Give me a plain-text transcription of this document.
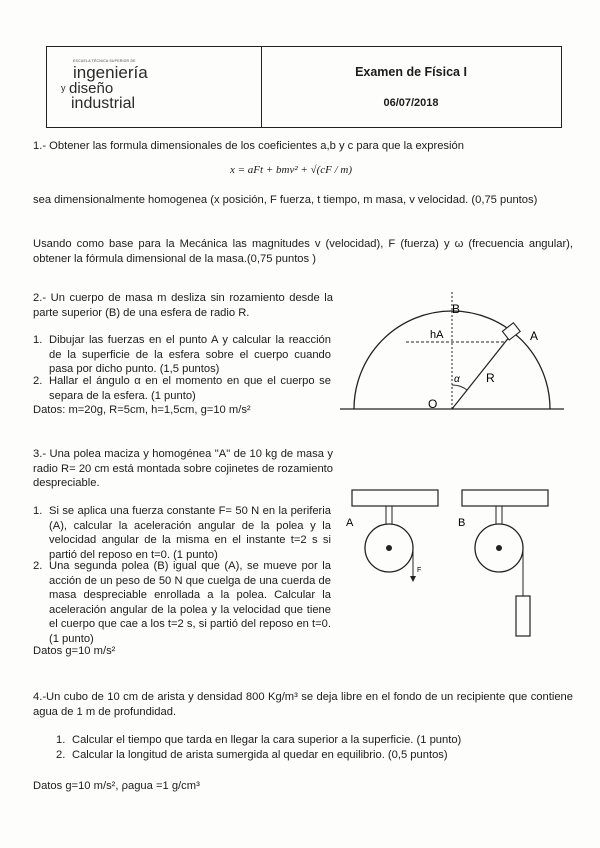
ESCUELA TÉCNICA SUPERIOR DE
ingeniería
y diseño
industrial
Examen de Física I
06/07/2018
1.- Obtener las formula dimensionales de los coeficientes a,b y c para que la expresión
x = aFt + bmv² + √(cF / m)
sea dimensionalmente homogenea (x posición, F fuerza, t tiempo, m masa, v velocidad. (0,75 puntos)
Usando como base para la Mecánica las magnitudes v (velocidad), F (fuerza) y ω (frecuencia angular), obtener la fórmula dimensional de la masa.(0,75 puntos )
2.- Un cuerpo de masa m desliza sin rozamiento desde la parte superior (B) de una esfera de radio R.
1. Dibujar las fuerzas en el punto A y calcular la reacción de la superficie de la esfera sobre el cuerpo cuando pasa por dicho punto. (1,5 puntos)
2. Hallar el ángulo α en el momento en que el cuerpo se separa de la esfera. (1 punto)
Datos: m=20g, R=5cm, h=1,5cm, g=10 m/s²
B
A
hA
R
O
α
3.- Una polea maciza y homogénea "A" de 10 kg de masa y radio R= 20 cm está montada sobre cojinetes de rozamiento despreciable.
1. Si se aplica una fuerza constante F= 50 N en la periferia (A), calcular la aceleración angular de la polea y la velocidad angular de la misma en el instante t=2 s si partió del reposo en t=0. (1 punto)
2. Una segunda polea (B) igual que (A), se mueve por la acción de un peso de 50 N que cuelga de una cuerda de masa despreciable enrollada a la polea. Calcular la aceleración angular de la polea y la velocidad que tiene el cuerpo que cae a los t=2 s, si partió del reposo en t=0. (1 punto)
Datos g=10 m/s²
A
F
B
4.-Un cubo de 10 cm de arista y densidad 800 Kg/m³ se deja libre en el fondo de un recipiente que contiene agua de 1 m de profundidad.
1. Calcular el tiempo que tarda en llegar la cara superior a la superficie. (1 punto)
2. Calcular la longitud de arista sumergida al quedar en equilibrio. (0,5 puntos)
Datos g=10 m/s², ρagua =1 g/cm³
